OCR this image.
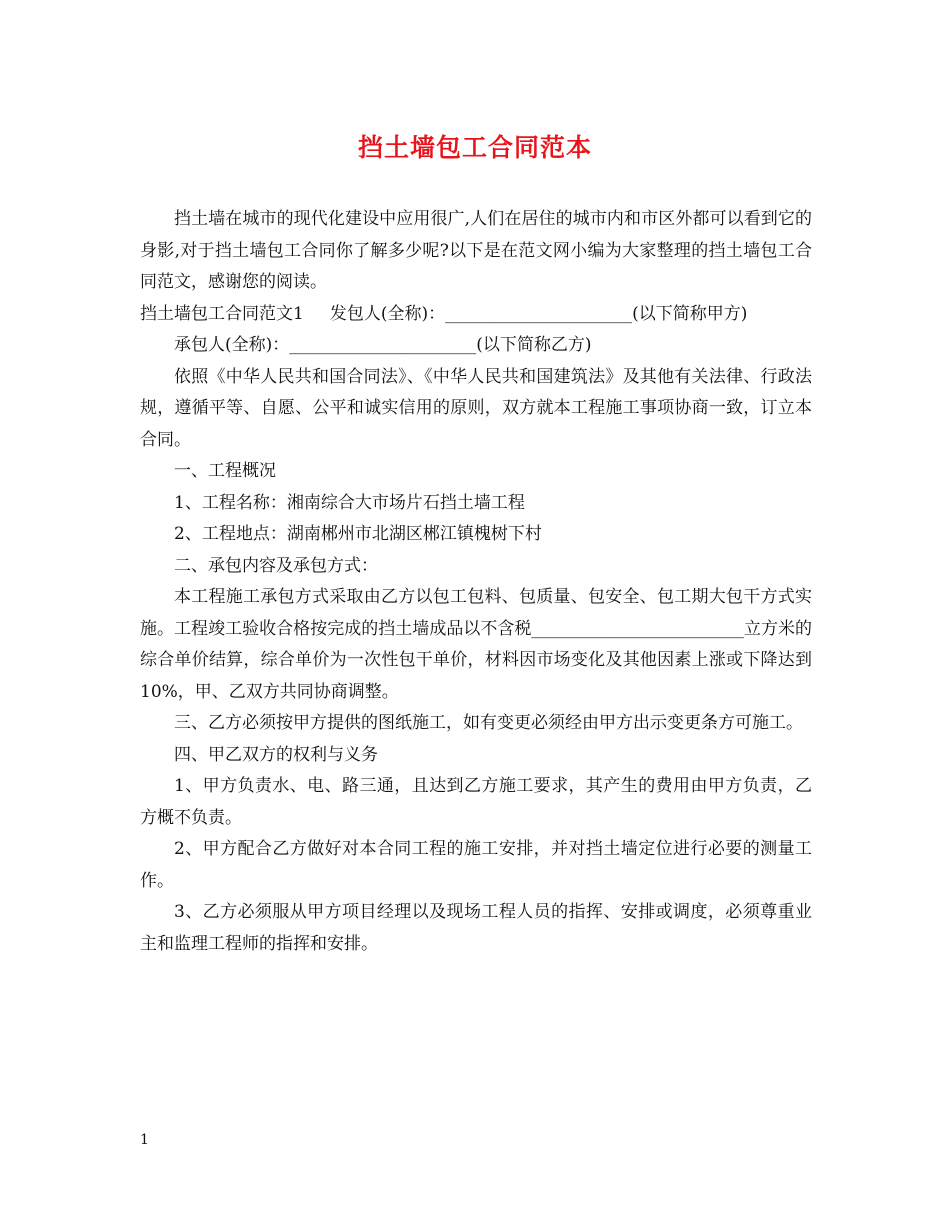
挡土墙包工合同范本

挡土墙在城市的现代化建设中应用很广,人们在居住的城市内和市区外都可以看到它的身影,对于挡土墙包工合同你了解多少呢?以下是在范文网小编为大家整理的挡土墙包工合同范文，感谢您的阅读。

挡土墙包工合同范文1 发包人(全称)：______________________(以下简称甲方)

承包人(全称)：______________________(以下简称乙方)

依照《中华人民共和国合同法》、《中华人民共和国建筑法》及其他有关法律、行政法规，遵循平等、自愿、公平和诚实信用的原则，双方就本工程施工事项协商一致，订立本合同。

一、工程概况

1、工程名称：湘南综合大市场片石挡土墙工程

2、工程地点：湖南郴州市北湖区郴江镇槐树下村

二、承包内容及承包方式：

本工程施工承包方式采取由乙方以包工包料、包质量、包安全、包工期大包干方式实施。工程竣工验收合格按完成的挡土墙成品以不含税_________________________立方米的综合单价结算，综合单价为一次性包干单价，材料因市场变化及其他因素上涨或下降达到10%，甲、乙双方共同协商调整。

三、乙方必须按甲方提供的图纸施工，如有变更必须经由甲方出示变更条方可施工。

四、甲乙双方的权利与义务

1、甲方负责水、电、路三通，且达到乙方施工要求，其产生的费用由甲方负责，乙方概不负责。

2、甲方配合乙方做好对本合同工程的施工安排，并对挡土墙定位进行必要的测量工作。

3、乙方必须服从甲方项目经理以及现场工程人员的指挥、安排或调度，必须尊重业主和监理工程师的指挥和安排。

1
